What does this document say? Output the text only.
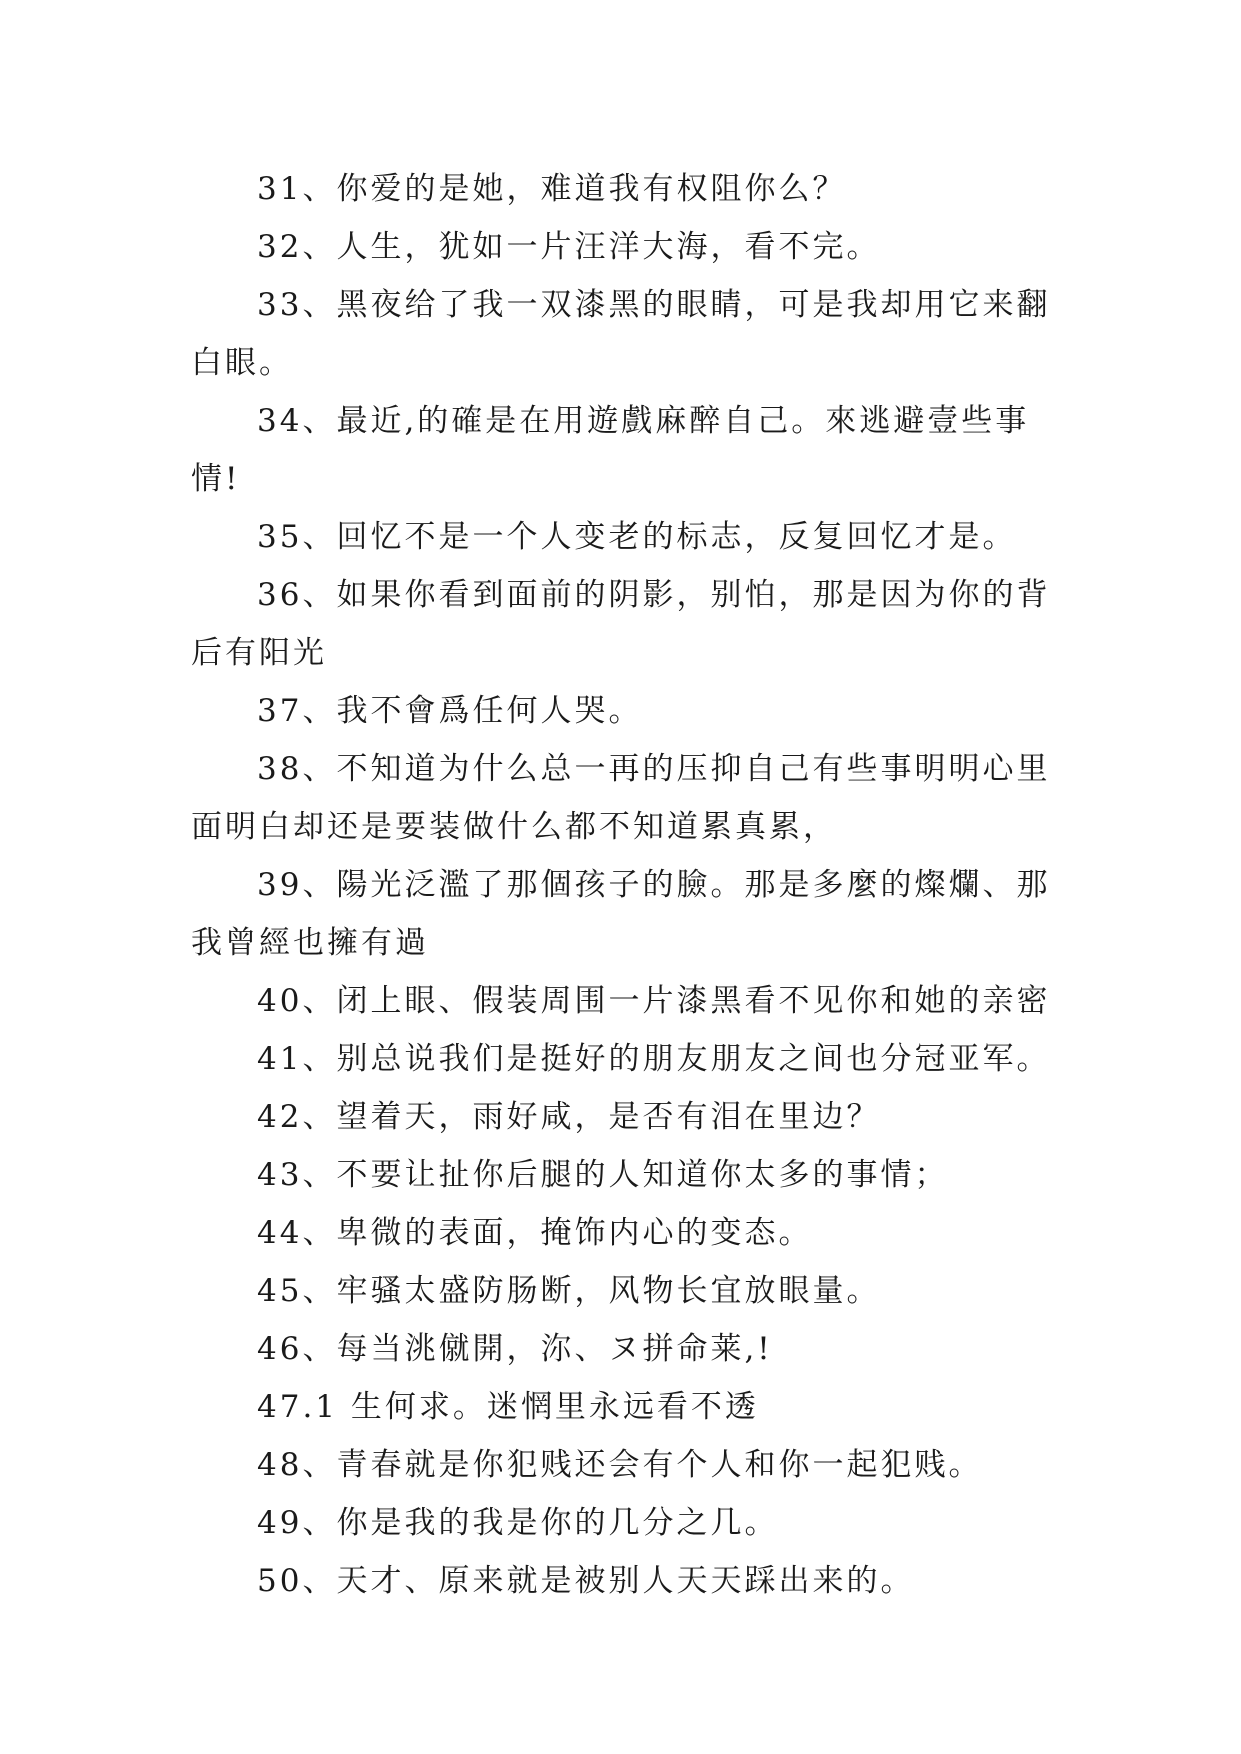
31、你爱的是她，难道我有权阻你么？

32、人生，犹如一片汪洋大海，看不完。

33、黑夜给了我一双漆黑的眼睛，可是我却用它来翻白眼。

34、最近,的確是在用遊戲麻醉自己。來逃避壹些事情!

35、回忆不是一个人变老的标志，反复回忆才是。

36、如果你看到面前的阴影，别怕，那是因为你的背后有阳光

37、我不會爲任何人哭。

38、不知道为什么总一再的压抑自己有些事明明心里面明白却还是要装做什么都不知道累真累，

39、陽光泛濫了那個孩子的臉。那是多麼的燦爛、那我曾經也擁有過

40、闭上眼、假装周围一片漆黑看不见你和她的亲密

41、别总说我们是挺好的朋友朋友之间也分冠亚军。

42、望着天，雨好咸，是否有泪在里边？

43、不要让扯你后腿的人知道你太多的事情；

44、卑微的表面，掩饰内心的变态。

45、牢骚太盛防肠断，风物长宜放眼量。

46、每当洮僦開，沵、ヌ拼命莱,!

47.1 生何求。迷惘里永远看不透

48、青春就是你犯贱还会有个人和你一起犯贱。

49、你是我的我是你的几分之几。

50、天才、原来就是被别人天天踩出来的。
